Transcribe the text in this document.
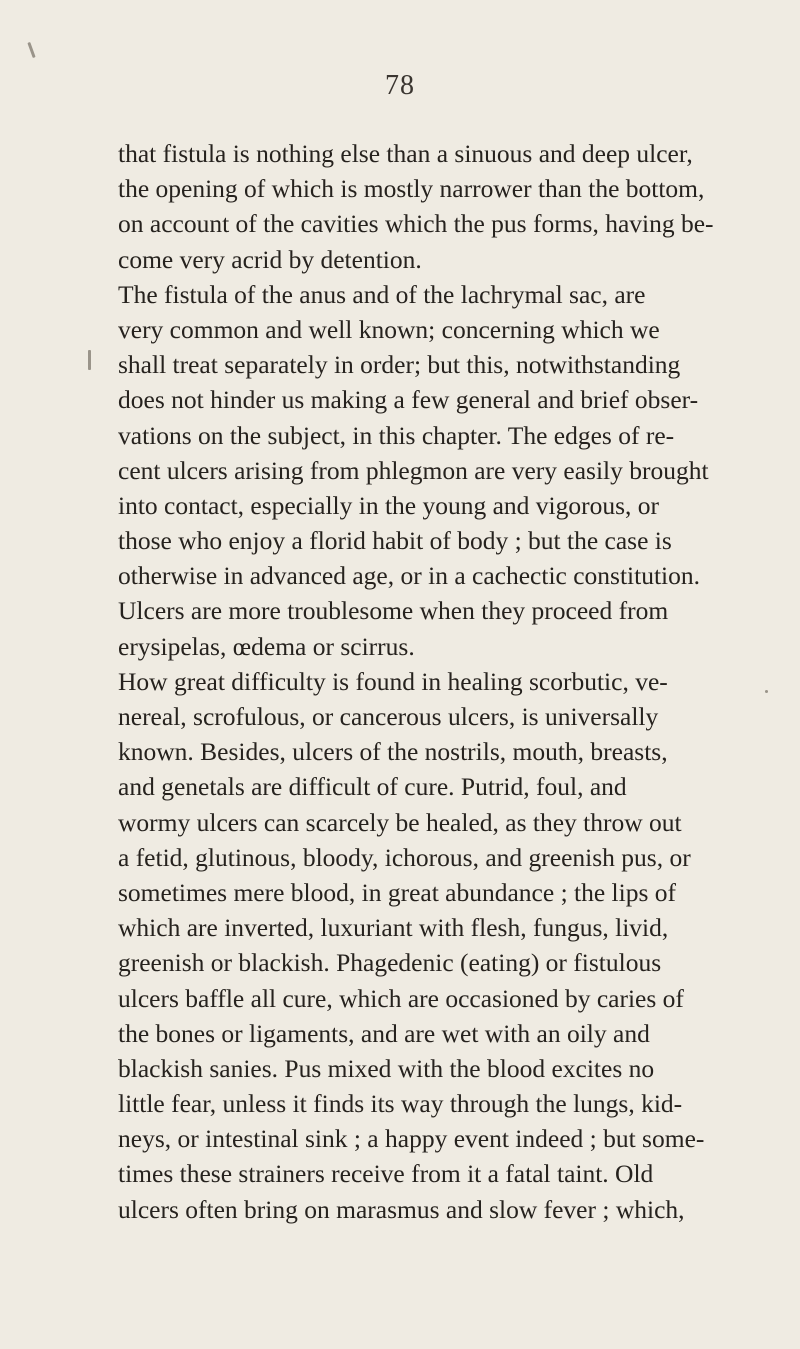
78
that fistula is nothing else than a sinuous and deep ulcer,
the opening of which is mostly narrower than the bottom,
on account of the cavities which the pus forms, having be-
come very acrid by detention.
The fistula of the anus and of the lachrymal sac, are
very common and well known; concerning which we
shall treat separately in order; but this, notwithstanding
does not hinder us making a few general and brief obser-
vations on the subject, in this chapter. The edges of re-
cent ulcers arising from phlegmon are very easily brought
into contact, especially in the young and vigorous, or
those who enjoy a florid habit of body ; but the case is
otherwise in advanced age, or in a cachectic constitution.
Ulcers are more troublesome when they proceed from
erysipelas, œdema or scirrus.
How great difficulty is found in healing scorbutic, ve-
nereal, scrofulous, or cancerous ulcers, is universally
known. Besides, ulcers of the nostrils, mouth, breasts,
and genetals are difficult of cure. Putrid, foul, and
wormy ulcers can scarcely be healed, as they throw out
a fetid, glutinous, bloody, ichorous, and greenish pus, or
sometimes mere blood, in great abundance ; the lips of
which are inverted, luxuriant with flesh, fungus, livid,
greenish or blackish. Phagedenic (eating) or fistulous
ulcers baffle all cure, which are occasioned by caries of
the bones or ligaments, and are wet with an oily and
blackish sanies. Pus mixed with the blood excites no
little fear, unless it finds its way through the lungs, kid-
neys, or intestinal sink ; a happy event indeed ; but some-
times these strainers receive from it a fatal taint. Old
ulcers often bring on marasmus and slow fever ; which,
